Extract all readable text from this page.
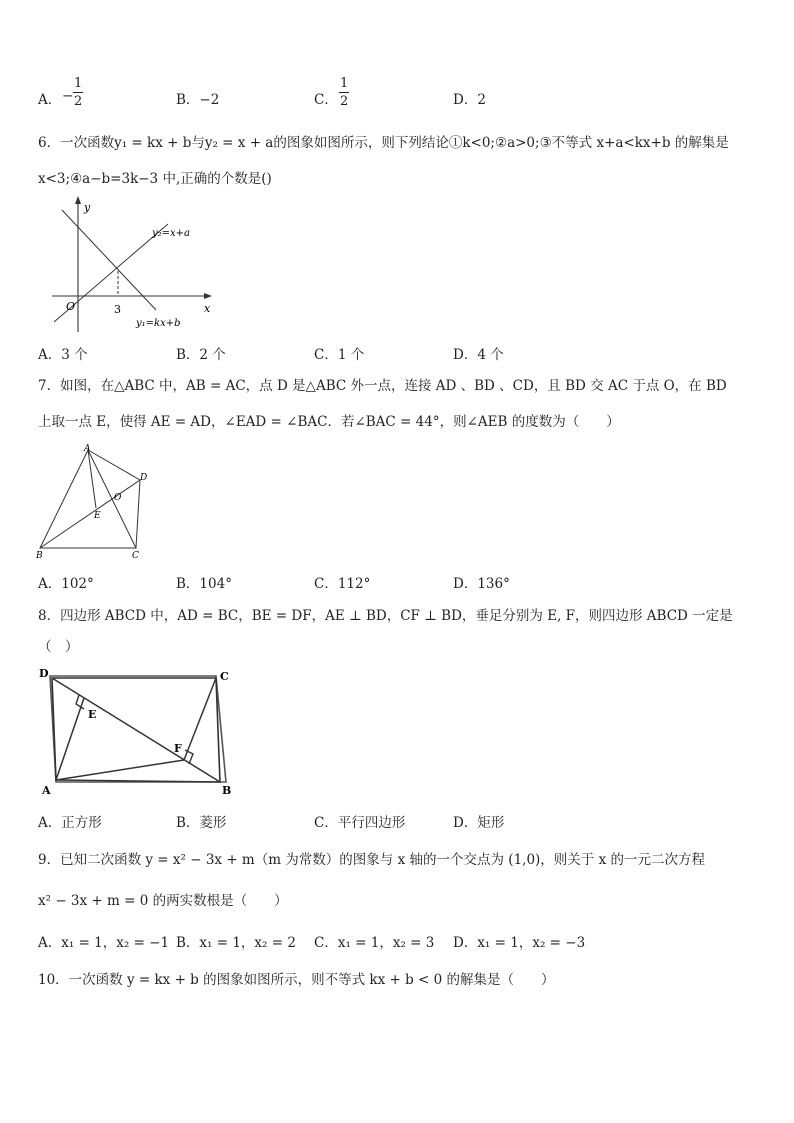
A． −
1
2	B．−2	C．
1
2	D．2
6．一次函数y₁ = kx + b与y₂ = x + a的图象如图所示，则下列结论①k<0;②a>0;③不等式 x+a<kx+b 的解集是
x<3;④a−b=3k−3 中,正确的个数是()
y
x
O	3
y₂=x+a
y₁=kx+b
A．3 个	B．2 个	C．1 个	D．4 个
7．如图，在△ABC 中，AB = AC，点 D 是△ABC 外一点，连接 AD 、BD 、CD，且 BD 交 AC 于点 O，在 BD
上取一点 E，使得 AE = AD，∠EAD = ∠BAC．若∠BAC = 44°，则∠AEB 的度数为（　　）
A
B	C
D
O
E
A．102°	B．104°	C．112°	D．136°
8．四边形 ABCD 中，AD = BC，BE = DF，AE ⊥ BD，CF ⊥ BD，垂足分别为 E, F，则四边形 ABCD 一定是
（　）
D	C
A	B
E
F
A．正方形	B．菱形	C．平行四边形	D．矩形
9．已知二次函数 y = x² − 3x + m（m 为常数）的图象与 x 轴的一个交点为 (1,0)，则关于 x 的一元二次方程
x² − 3x + m = 0 的两实数根是（　　）
A．x₁ = 1，x₂ = −1 B．x₁ = 1，x₂ = 2 C．x₁ = 1，x₂ = 3 D．x₁ = 1，x₂ = −3
10．一次函数 y = kx + b 的图象如图所示，则不等式 kx + b < 0 的解集是（　　）
